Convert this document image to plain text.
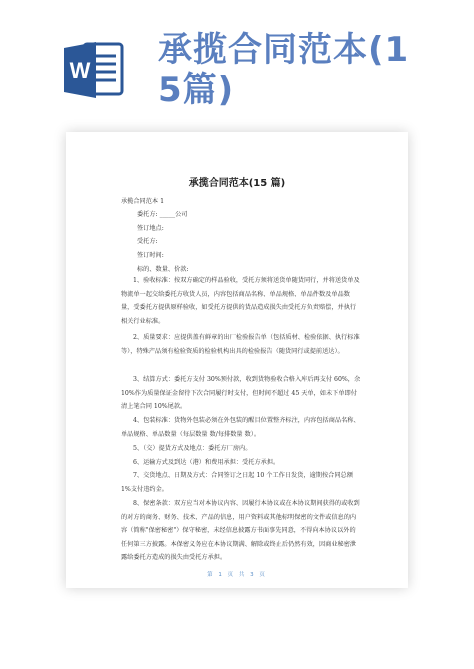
W
承揽合同范本(1
5篇)
承揽合同范本(15 篇)
承揽合同范本 1
委托方: _____公司
签订地点:
受托方:
签订时间:
标的、数量、价款:
1、验收标准：按双方确定的样品验收，受托方须将送货单随货同行，并将送货单及物流单一起交给委托方收货人员，内容包括商品名称、单品规格、单品件数及单品数量，受委托方提供原样验收，如受托方提供的货品造成损失由受托方负责赔偿，并执行相关行业标准。
2、质量要求：应提供盖有鲜章的出厂检验报告单（包括质材、检验依据、执行标准等），特殊产品须有检验资质的检验机构出具的检验报告（随货同行或提前送达）。
3、结算方式：委托方支付 30%预付款，收到货物验收合格入库后再支付 60%，余 10%作为质量保证金留待下次合同履行时支付，但时间不超过 45 天单，如未下单即付清上笔合同 10%尾款。
4、包装标准：货物外包装必须在外包装的醒目位置整齐标注，内容包括商品名称、单品规格、单品数量（每层数量 数/每排数量 数）。
5、（交）提货方式及地点：委托方厂房内。
6、运输方式及到达（港）和费用承担：受托方承担。
7、交货地点、日期及方式：合同签订之日起 10 个工作日发货，逾期按合同总额 1%支付违约金。
8、保密条款：双方应当对本协议内容、因履行本协议或在本协议期间获得的或收到的对方的商务、财务、技术、产品的信息，用户资料或其他标明保密的文件或信息的内容（简称"保密秘密"）保守秘密，未经信息披露方书面事先同意，不得向本协议以外的任何第三方披露。本保密义务应在本协议期满、解除或终止后仍然有效，因商业秘密泄露给委托方造成的损失由受托方承担。
第 1 页 共 3 页
